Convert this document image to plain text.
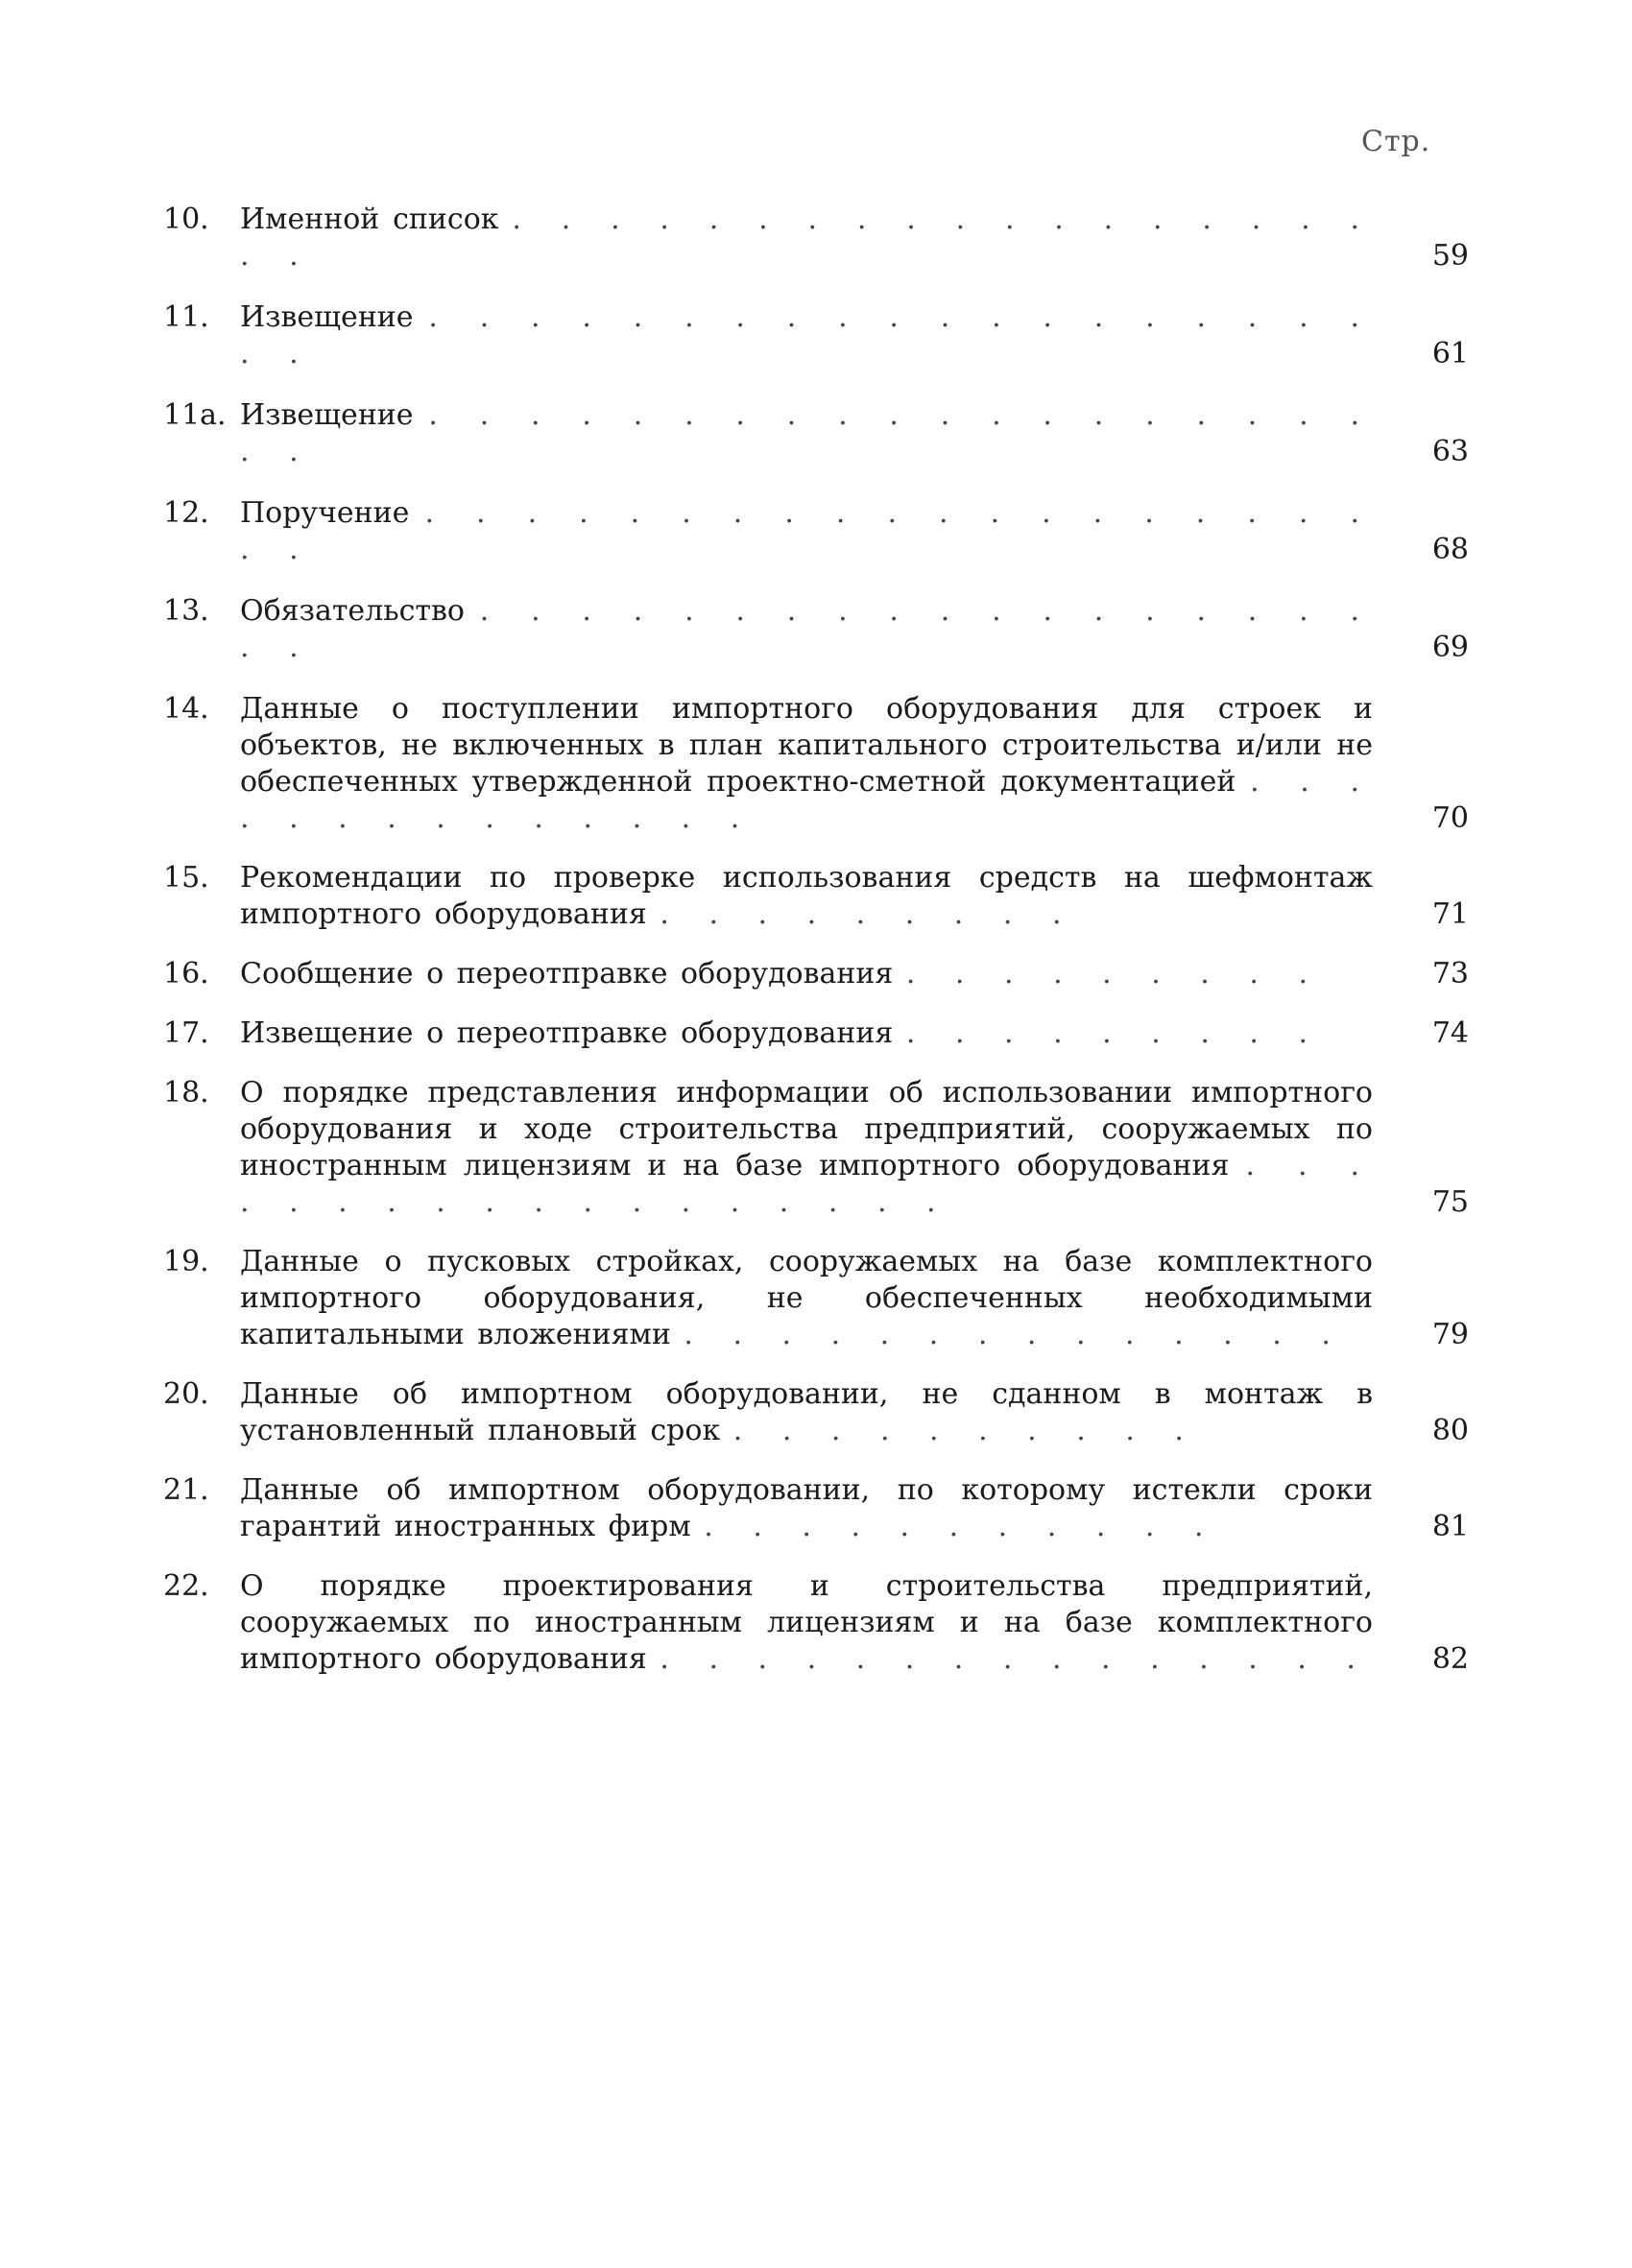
Стр.
10.	Именной список . . . . . . . . . . . . . . . . . . . .	59
11.	Извещение . . . . . . . . . . . . . . . . . . . . .	61
11а. Извещение . . . . . . . . . . . . . . . . . . . . .	63
12.	Поручение . . . . . . . . . . . . . . . . . . . . .	68
13.	Обязательство . . . . . . . . . . . . . . . . . . . .	69
14.	Данные о поступлении импортного оборудования для строек и объектов, не включенных в план капитального строительства и/или не обеспеченных утвержденной проектно-сметной документацией . . . . . . . . . . . . . .	70
15.	Рекомендации по проверке использования средств на шефмонтаж импортного оборудования . . . . . . . . .	71
16.	Сообщение о переотправке оборудования . . . . . . . . .	73
17.	Извещение о переотправке оборудования . . . . . . . . .	74
18.	О порядке представления информации об использовании импортного оборудования и ходе строительства предприятий, сооружаемых по иностранным лицензиям и на базе импортного оборудования . . . . . . . . . . . . . . . . . .	75
19.	Данные о пусковых стройках, сооружаемых на базе комплектного импортного оборудования, не обеспеченных необходимыми капитальными вложениями . . . . . . . . . . . . . .	79
20.	Данные об импортном оборудовании, не сданном в монтаж в установленный плановый срок . . . . . . . . . .	80
21.	Данные об импортном оборудовании, по которому истекли сроки гарантий иностранных фирм . . . . . . . . . . .	81
22.	О порядке проектирования и строительства предприятий, сооружаемых по иностранным лицензиям и на базе комплектного импортного оборудования . . . . . . . . . . . . . . .	82
